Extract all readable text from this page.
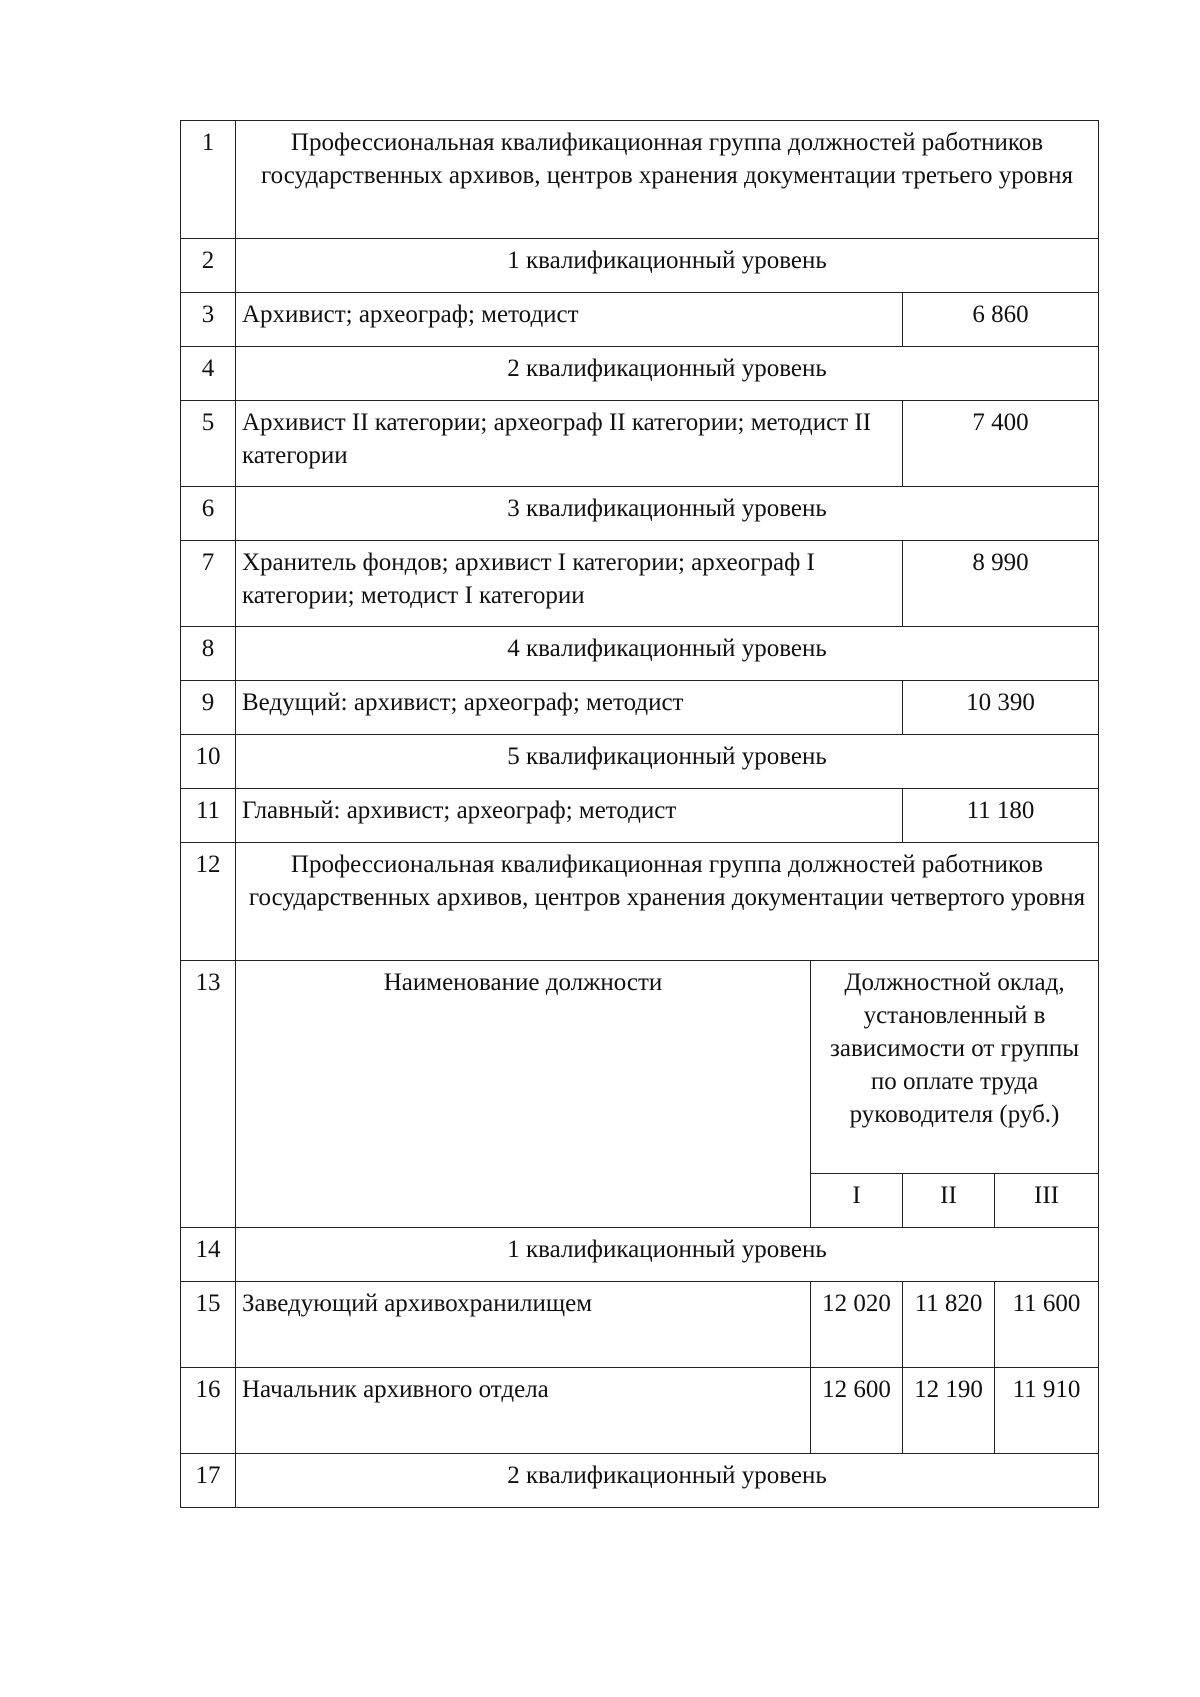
1	Профессиональная квалификационная группа должностей работников государственных архивов, центров хранения документации третьего уровня			
2	1 квалификационный уровень			
3	Архивист; археограф; методист		6 860	
4	2 квалификационный уровень			
5	Архивист II категории; археограф II категории; методист II категории		7 400	
6	3 квалификационный уровень			
7	Хранитель фондов; архивист I категории; археограф I категории; методист I категории		8 990	
8	4 квалификационный уровень			
9	Ведущий: архивист; археограф; методист		10 390	
10	5 квалификационный уровень			
11	Главный: архивист; археограф; методист		11 180	
12	Профессиональная квалификационная группа должностей работников государственных архивов, центров хранения документации четвертого уровня			
13	Наименование должности	Должностной оклад, установленный в зависимости от группы по оплате труда руководителя (руб.)		
		I	II	III
14	1 квалификационный уровень			
15	Заведующий архивохранилищем	12 020	11 820	11 600
16	Начальник архивного отдела	12 600	12 190	11 910
17	2 квалификационный уровень			
